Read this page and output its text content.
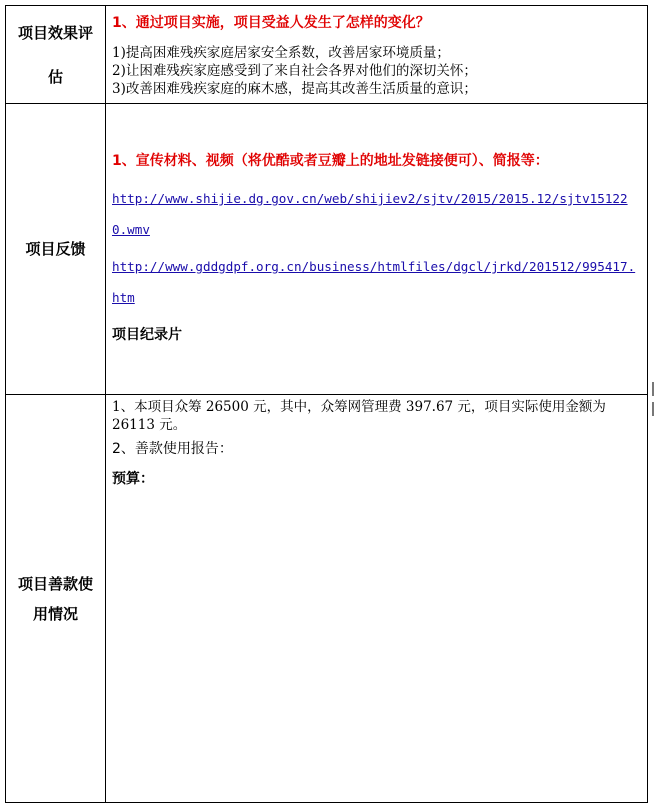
项目效果评估	1、通过项目实施，项目受益人发生了怎样的变化？
1)提高困难残疾家庭居家安全系数，改善居家环境质量；
2)让困难残疾家庭感受到了来自社会各界对他们的深切关怀；
3)改善困难残疾家庭的麻木感，提高其改善生活质量的意识；

项目反馈	1、宣传材料、视频（将优酷或者豆瓣上的地址发链接便可）、简报等：
http://www.shijie.dg.gov.cn/web/shijiev2/sjtv/2015/2015.12/sjtv151220.wmv
http://www.gddgdpf.org.cn/business/htmlfiles/dgcl/jrkd/201512/995417.htm
项目纪录片

项目善款使用情况	1、本项目众筹 26500 元，其中，众筹网管理费 397.67 元，项目实际使用金额为 26113 元。
2、善款使用报告：
预算：
